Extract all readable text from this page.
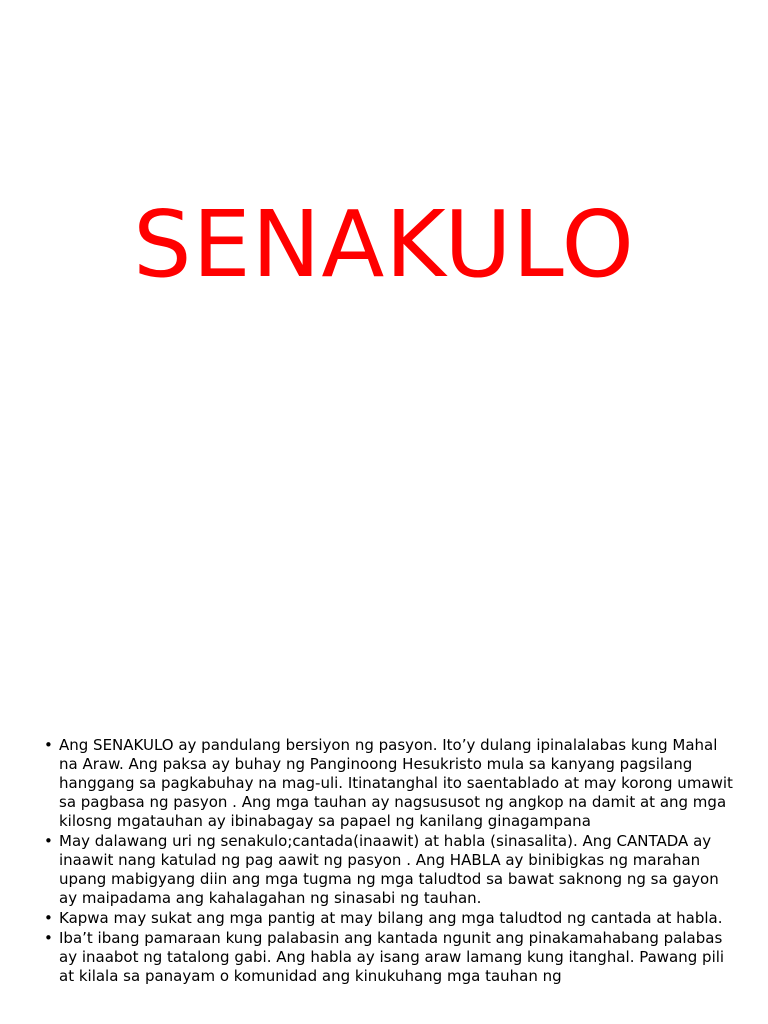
SENAKULO
• Ang SENAKULO ay pandulang bersiyon ng pasyon. Ito’y dulang ipinalalabas kung Mahal na Araw. Ang paksa ay buhay ng Panginoong Hesukristo mula sa kanyang pagsilang hanggang sa pagkabuhay na mag-uli. Itinatanghal ito saentablado at may korong umawit sa pagbasa ng pasyon . Ang mga tauhan ay nagsususot ng angkop na damit at ang mga kilosng mgatauhan ay ibinabagay sa papael ng kanilang ginagampana
• May dalawang uri ng senakulo;cantada(inaawit) at habla (sinasalita). Ang CANTADA ay inaawit nang katulad ng pag aawit ng pasyon . Ang HABLA ay binibigkas ng marahan upang mabigyang diin ang mga tugma ng mga taludtod sa bawat saknong ng sa gayon ay maipadama ang kahalagahan ng sinasabi ng tauhan.
• Kapwa may sukat ang mga pantig at may bilang ang mga taludtod ng cantada at habla.
• Iba’t ibang pamaraan kung palabasin ang kantada ngunit ang pinakamahabang palabas ay inaabot ng tatalong gabi. Ang habla ay isang araw lamang kung itanghal. Pawang pili at kilala sa panayam o komunidad ang kinukuhang mga tauhan ng
